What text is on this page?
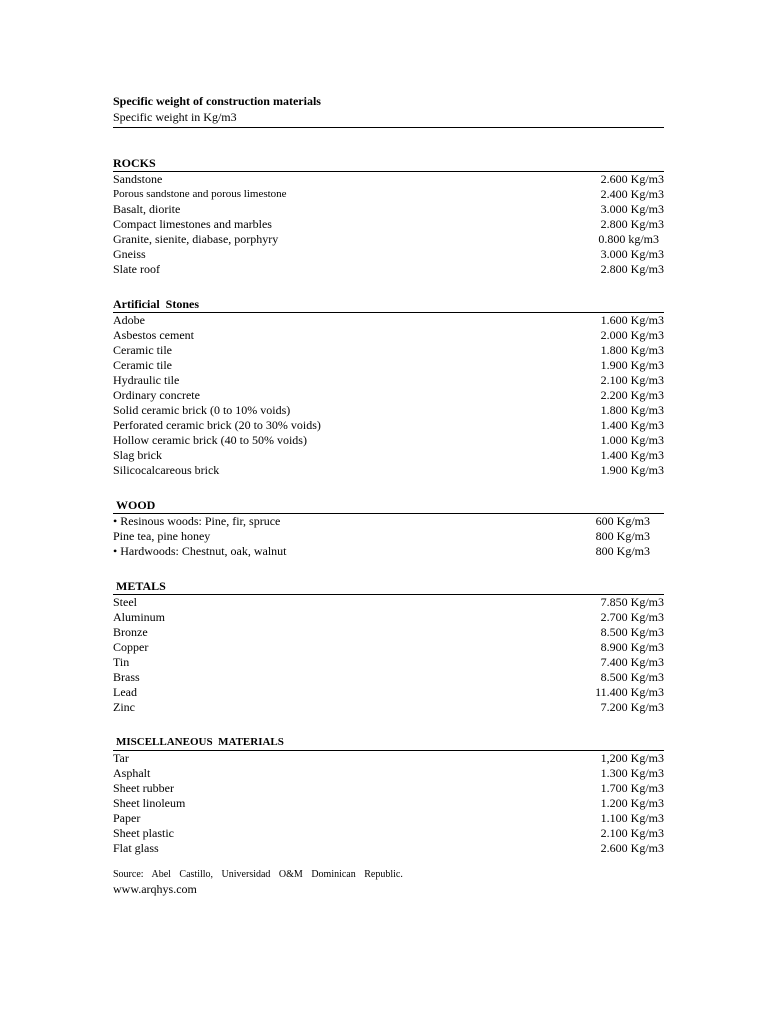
Specific weight of construction materials

Specific weight in Kg/m3

ROCKS
Sandstone	2.600 Kg/m3
Porous sandstone and porous limestone	2.400 Kg/m3
Basalt, diorite	3.000 Kg/m3
Compact limestones and marbles	2.800 Kg/m3
Granite, sienite, diabase, porphyry	0.800 kg/m3
Gneiss	3.000 Kg/m3
Slate roof	2.800 Kg/m3
Artificial  Stones
Adobe	1.600 Kg/m3
Asbestos cement	2.000 Kg/m3
Ceramic tile	1.800 Kg/m3
Ceramic tile	1.900 Kg/m3
Hydraulic tile	2.100 Kg/m3
Ordinary concrete	2.200 Kg/m3
Solid ceramic brick (0 to 10% voids)	1.800 Kg/m3
Perforated ceramic brick (20 to 30% voids)	1.400 Kg/m3
Hollow ceramic brick (40 to 50% voids)	1.000 Kg/m3
Slag brick	1.400 Kg/m3
Silicocalcareous brick	1.900 Kg/m3
WOOD
• Resinous woods: Pine, fir, spruce	600 Kg/m3
Pine tea, pine honey	800 Kg/m3
• Hardwoods: Chestnut, oak, walnut	800 Kg/m3
METALS
Steel	7.850 Kg/m3
Aluminum	2.700 Kg/m3
Bronze	8.500 Kg/m3
Copper	8.900 Kg/m3
Tin	7.400 Kg/m3
Brass	8.500 Kg/m3
Lead	11.400 Kg/m3
Zinc	7.200 Kg/m3
MISCELLANEOUS  MATERIALS
Tar	1,200 Kg/m3
Asphalt	1.300 Kg/m3
Sheet rubber	1.700 Kg/m3
Sheet linoleum	1.200 Kg/m3
Paper	1.100 Kg/m3
Sheet plastic	2.100 Kg/m3
Flat glass	2.600 Kg/m3
Source: Abel Castillo, Universidad O&M Dominican Republic.
www.arqhys.com
